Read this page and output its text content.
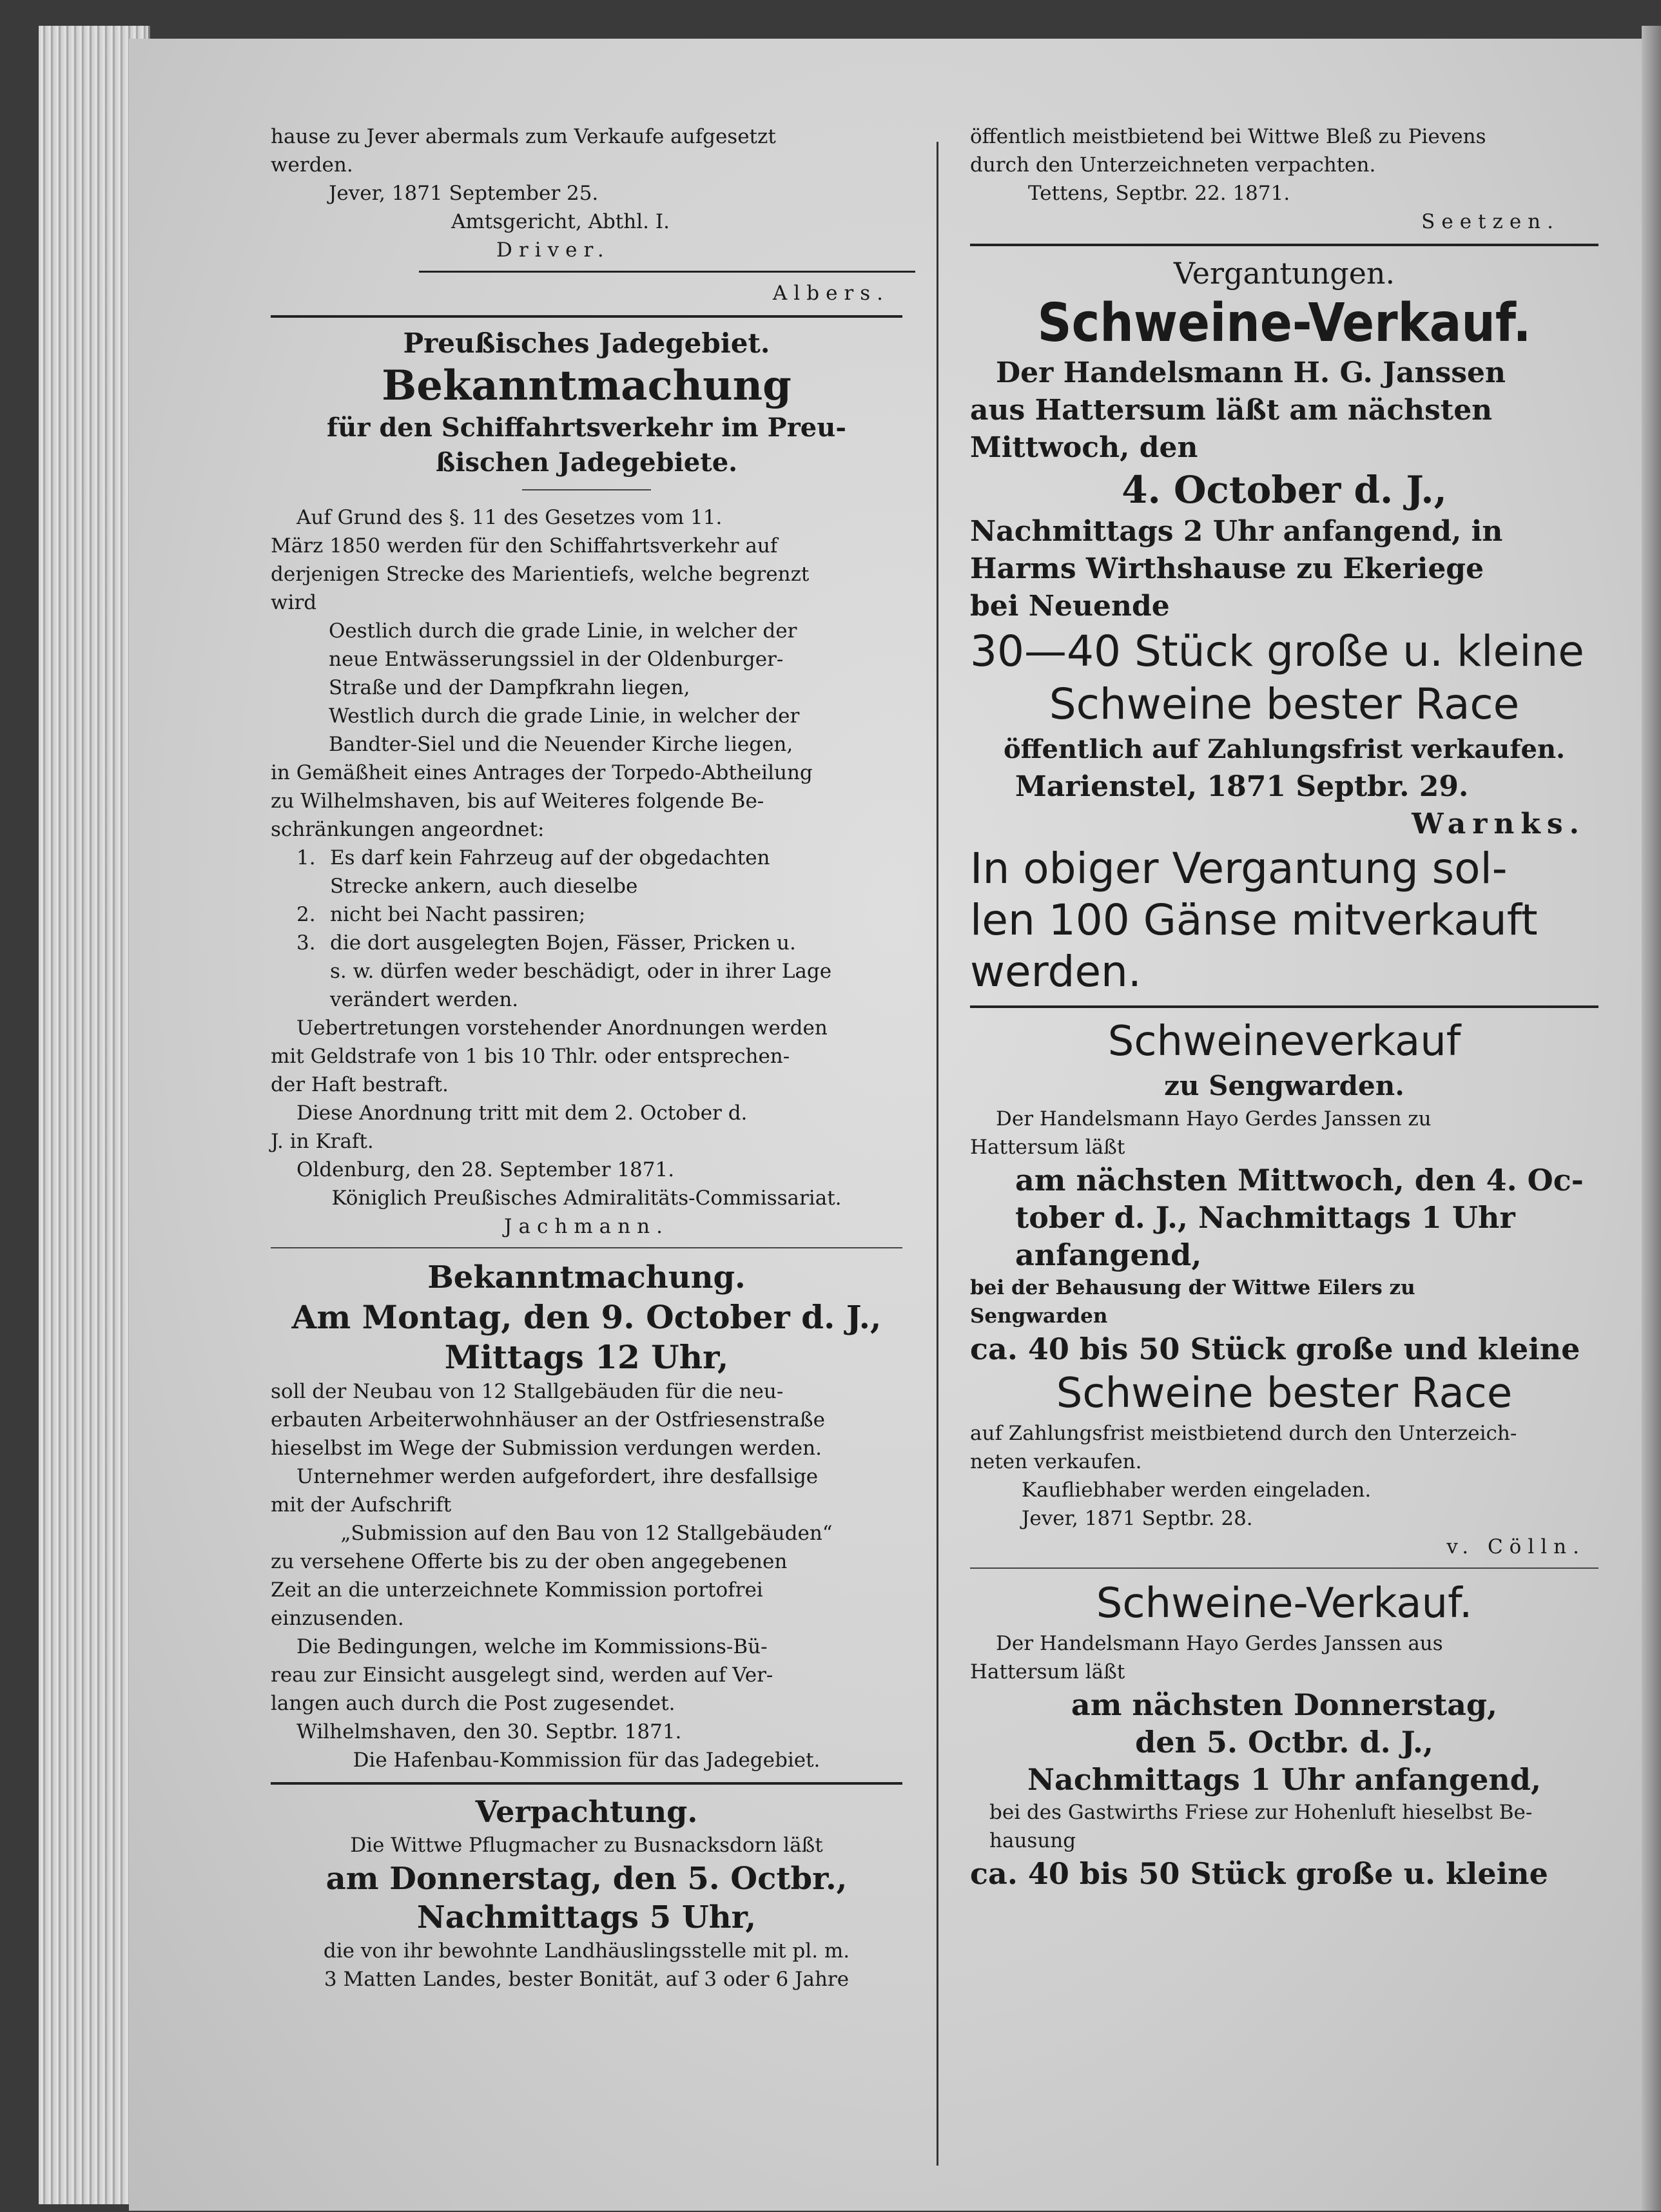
hause zu Jever abermals zum Verkaufe aufgesetzt

werden.

Jever, 1871 September 25.

Amtsgericht, Abthl. I.

Driver.

Albers.

Preußisches Jadegebiet.

Bekanntmachung

für den Schiffahrtsverkehr im Preu-

ßischen Jadegebiete.

Auf Grund des §. 11 des Gesetzes vom 11.

März 1850 werden für den Schiffahrtsverkehr auf

derjenigen Strecke des Marientiefs, welche begrenzt

wird

Oestlich durch die grade Linie, in welcher der

neue Entwässerungssiel in der Oldenburger-

Straße und der Dampfkrahn liegen,

Westlich durch die grade Linie, in welcher der

Bandter-Siel und die Neuender Kirche liegen,

in Gemäßheit eines Antrages der Torpedo-Abtheilung

zu Wilhelmshaven, bis auf Weiteres folgende Be-

schränkungen angeordnet:

1. Es darf kein Fahrzeug auf der obgedachten
Strecke ankern, auch dieselbe
2. nicht bei Nacht passiren;
3. die dort ausgelegten Bojen, Fässer, Pricken u.
s. w. dürfen weder beschädigt, oder in ihrer Lage
verändert werden.

Uebertretungen vorstehender Anordnungen werden

mit Geldstrafe von 1 bis 10 Thlr. oder entsprechen-

der Haft bestraft.

Diese Anordnung tritt mit dem 2. October d.

J. in Kraft.

Oldenburg, den 28. September 1871.

Königlich Preußisches Admiralitäts-Commissariat.

Jachmann.

Bekanntmachung.

Am Montag, den 9. October d. J.,

Mittags 12 Uhr,

soll der Neubau von 12 Stallgebäuden für die neu-

erbauten Arbeiterwohnhäuser an der Ostfriesenstraße

hieselbst im Wege der Submission verdungen werden.

Unternehmer werden aufgefordert, ihre desfallsige

mit der Aufschrift

„Submission auf den Bau von 12 Stallgebäuden“

zu versehene Offerte bis zu der oben angegebenen

Zeit an die unterzeichnete Kommission portofrei

einzusenden.

Die Bedingungen, welche im Kommissions-Bü-

reau zur Einsicht ausgelegt sind, werden auf Ver-

langen auch durch die Post zugesendet.

Wilhelmshaven, den 30. Septbr. 1871.

Die Hafenbau-Kommission für das Jadegebiet.

Verpachtung.

Die Wittwe Pflugmacher zu Busnacksdorn läßt

am Donnerstag, den 5. Octbr.,

Nachmittags 5 Uhr,

die von ihr bewohnte Landhäuslingsstelle mit pl. m.

3 Matten Landes, bester Bonität, auf 3 oder 6 Jahre

öffentlich meistbietend bei Wittwe Bleß zu Pievens

durch den Unterzeichneten verpachten.

Tettens, Septbr. 22. 1871.

Seetzen.

Vergantungen.

Schweine-Verkauf.

Der Handelsmann H. G. Janssen

aus Hattersum läßt am nächsten

Mittwoch, den

4. October d. J.,

Nachmittags 2 Uhr anfangend, in

Harms Wirthshause zu Ekeriege

bei Neuende

30—40 Stück große u. kleine

Schweine bester Race

öffentlich auf Zahlungsfrist verkaufen.

Marienstel, 1871 Septbr. 29.

Warnks.

In obiger Vergantung sol-

len 100 Gänse mitverkauft

werden.

Schweineverkauf

zu Sengwarden.

Der Handelsmann Hayo Gerdes Janssen zu

Hattersum läßt

am nächsten Mittwoch, den 4. Oc-

tober d. J., Nachmittags 1 Uhr

anfangend,

bei der Behausung der Wittwe Eilers zu

Sengwarden

ca. 40 bis 50 Stück große und kleine

Schweine bester Race

auf Zahlungsfrist meistbietend durch den Unterzeich-

neten verkaufen.

Kaufliebhaber werden eingeladen.

Jever, 1871 Septbr. 28.

v. Cölln.

Schweine-Verkauf.

Der Handelsmann Hayo Gerdes Janssen aus

Hattersum läßt

am nächsten Donnerstag,

den 5. Octbr. d. J.,

Nachmittags 1 Uhr anfangend,

bei des Gastwirths Friese zur Hohenluft hieselbst Be-

hausung

ca. 40 bis 50 Stück große u. kleine
